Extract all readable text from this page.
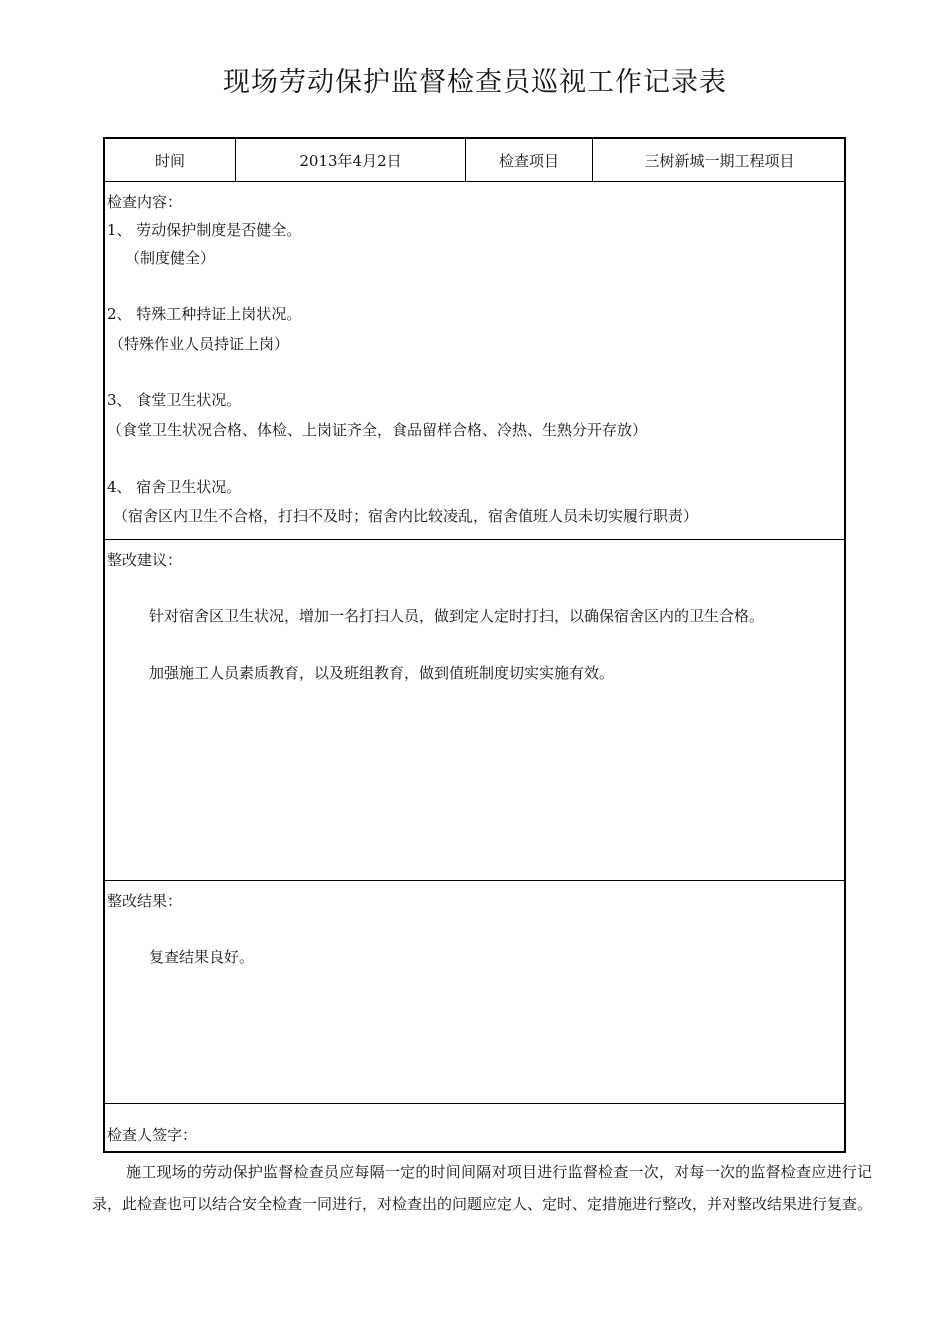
现场劳动保护监督检查员巡视工作记录表
时间	2013年4月2日	检查项目	三树新城一期工程项目
检查内容：
1、 劳动保护制度是否健全。
（制度健全）
2、 特殊工种持证上岗状况。
（特殊作业人员持证上岗）
3、 食堂卫生状况。
（食堂卫生状况合格、体检、上岗证齐全，食品留样合格、冷热、生熟分开存放）
4、 宿舍卫生状况。
（宿舍区内卫生不合格，打扫不及时；宿舍内比较凌乱，宿舍值班人员未切实履行职责）
整改建议：
针对宿舍区卫生状况，增加一名打扫人员，做到定人定时打扫，以确保宿舍区内的卫生合格。
加强施工人员素质教育，以及班组教育，做到值班制度切实实施有效。
整改结果：
复查结果良好。
检查人签字：
施工现场的劳动保护监督检查员应每隔一定的时间间隔对项目进行监督检查一次，对每一次的监督检查应进行记录，此检查也可以结合安全检查一同进行，对检查出的问题应定人、定时、定措施进行整改，并对整改结果进行复查。
